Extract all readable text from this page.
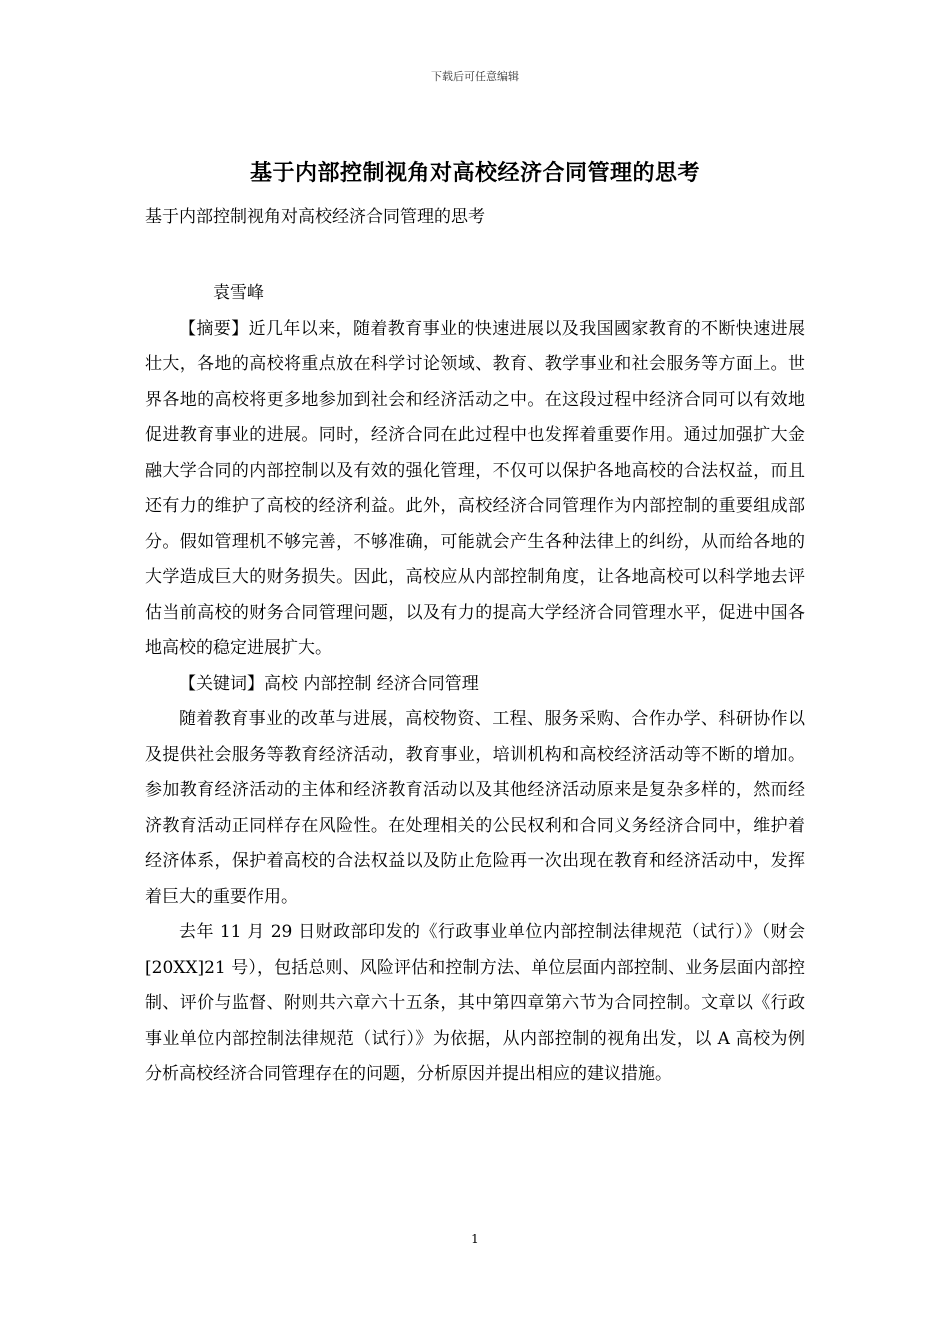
下载后可任意编辑
基于内部控制视角对高校经济合同管理的思考
基于内部控制视角对高校经济合同管理的思考

袁雪峰

【摘要】近几年以来，随着教育事业的快速进展以及我国國家教育的不断快速进展壮大，各地的高校将重点放在科学讨论领域、教育、教学事业和社会服务等方面上。世界各地的高校将更多地参加到社会和经济活动之中。在这段过程中经济合同可以有效地促进教育事业的进展。同时，经济合同在此过程中也发挥着重要作用。通过加强扩大金融大学合同的内部控制以及有效的强化管理，不仅可以保护各地高校的合法权益，而且还有力的维护了高校的经济利益。此外，高校经济合同管理作为内部控制的重要组成部分。假如管理机不够完善，不够准确，可能就会产生各种法律上的纠纷，从而给各地的大学造成巨大的财务损失。因此，高校应从内部控制角度，让各地高校可以科学地去评估当前高校的财务合同管理问题，以及有力的提高大学经济合同管理水平，促进中国各地高校的稳定进展扩大。

【关键词】高校 内部控制 经济合同管理

随着教育事业的改革与进展，高校物资、工程、服务采购、合作办学、科研协作以及提供社会服务等教育经济活动，教育事业，培训机构和高校经济活动等不断的增加。参加教育经济活动的主体和经济教育活动以及其他经济活动原来是复杂多样的，然而经济教育活动正同样存在风险性。在处理相关的公民权利和合同义务经济合同中，维护着经济体系，保护着高校的合法权益以及防止危险再一次出现在教育和经济活动中，发挥着巨大的重要作用。

去年 11 月 29 日财政部印发的《行政事业单位内部控制法律规范（试行）》（财会[20XX]21 号），包括总则、风险评估和控制方法、单位层面内部控制、业务层面内部控制、评价与监督、附则共六章六十五条，其中第四章第六节为合同控制。文章以《行政事业单位内部控制法律规范（试行）》为依据，从内部控制的视角出发，以 A 高校为例分析高校经济合同管理存在的问题，分析原因并提出相应的建议措施。

1
